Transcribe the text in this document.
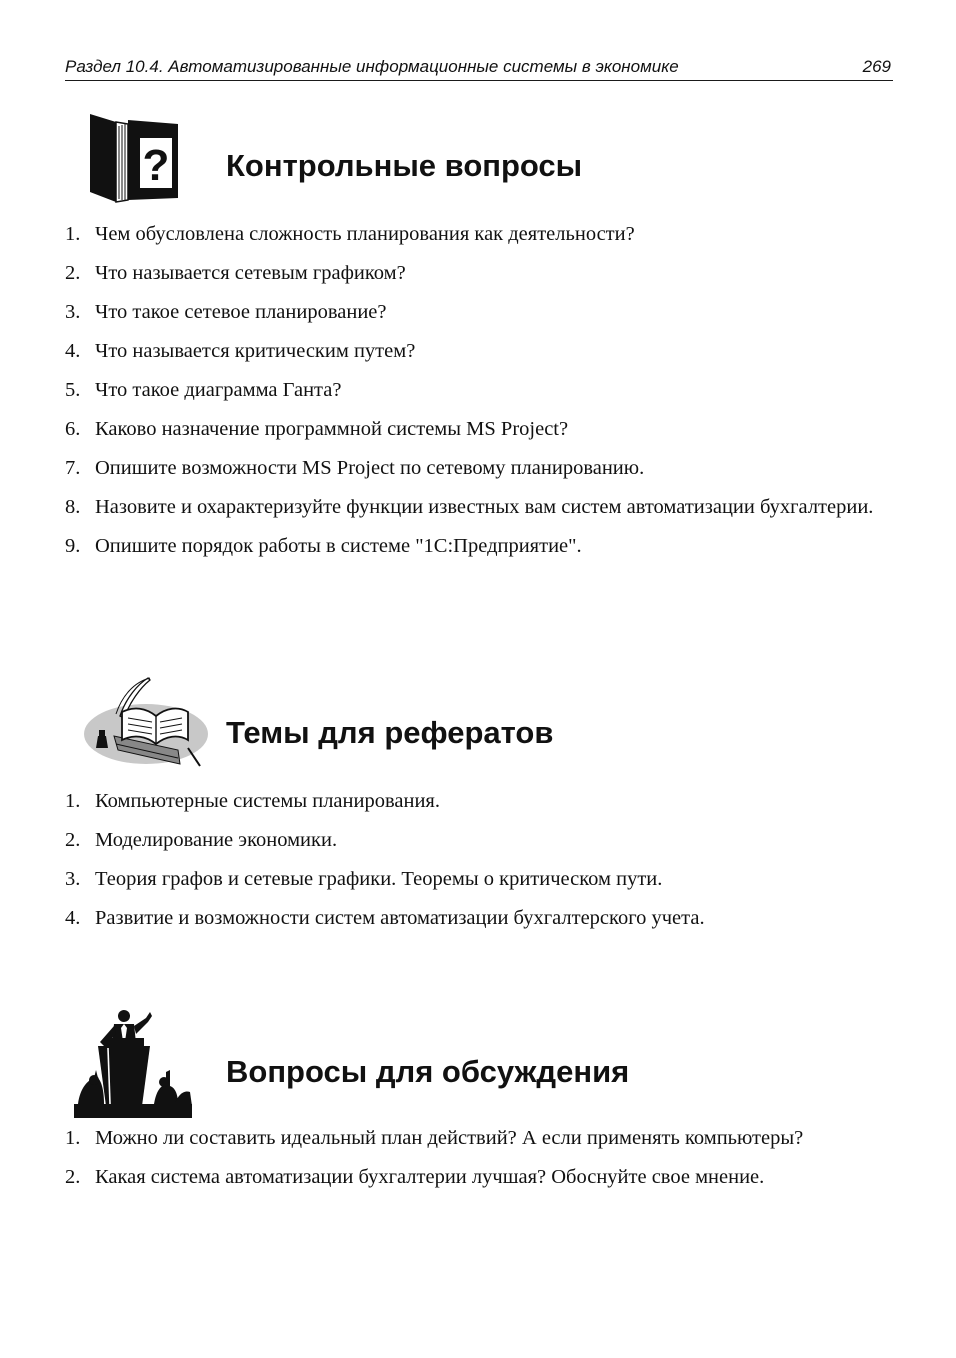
Раздел 10.4. Автоматизированные информационные системы в экономике	269
? Контрольные вопросы
1. Чем обусловлена сложность планирования как деятельности?
2. Что называется сетевым графиком?
3. Что такое сетевое планирование?
4. Что называется критическим путем?
5. Что такое диаграмма Ганта?
6. Каково назначение программной системы MS Project?
7. Опишите возможности MS Project по сетевому планированию.
8. Назовите и охарактеризуйте функции известных вам систем автоматизации бухгалтерии.
9. Опишите порядок работы в системе "1С:Предприятие".
Темы для рефератов
1. Компьютерные системы планирования.
2. Моделирование экономики.
3. Теория графов и сетевые графики. Теоремы о критическом пути.
4. Развитие и возможности систем автоматизации бухгалтерского учета.
Вопросы для обсуждения
1. Можно ли составить идеальный план действий? А если применять компьютеры?
2. Какая система автоматизации бухгалтерии лучшая? Обоснуйте свое мнение.
